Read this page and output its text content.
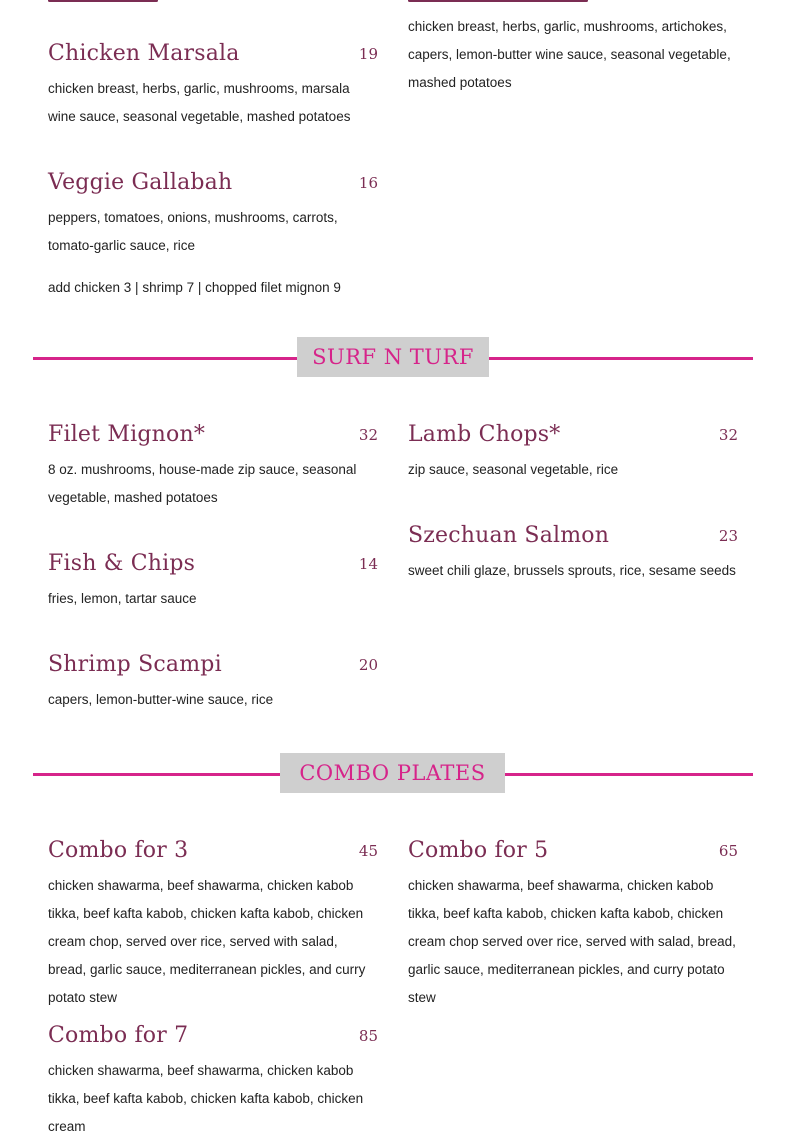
chicken breast, herbs, garlic, mushrooms, artichokes, capers, lemon-butter wine sauce, seasonal vegetable, mashed potatoes
Chicken Marsala	19
chicken breast, herbs, garlic, mushrooms, marsala wine sauce, seasonal vegetable, mashed potatoes
Veggie Gallabah	16
peppers, tomatoes, onions, mushrooms, carrots, tomato-garlic sauce, rice
add chicken 3 | shrimp 7 | chopped filet mignon 9
SURF N TURF
Filet Mignon*	32
8 oz. mushrooms, house-made zip sauce, seasonal vegetable, mashed potatoes
Lamb Chops*	32
zip sauce, seasonal vegetable, rice
Fish & Chips	14
fries, lemon, tartar sauce
Szechuan Salmon	23
sweet chili glaze, brussels sprouts, rice, sesame seeds
Shrimp Scampi	20
capers, lemon-butter-wine sauce, rice
COMBO PLATES
Combo for 3	45
chicken shawarma, beef shawarma, chicken kabob tikka, beef kafta kabob, chicken kafta kabob, chicken cream chop, served over rice, served with salad, bread, garlic sauce, mediterranean pickles, and curry potato stew
Combo for 5	65
chicken shawarma, beef shawarma, chicken kabob tikka, beef kafta kabob, chicken kafta kabob, chicken cream chop served over rice, served with salad, bread, garlic sauce, mediterranean pickles, and curry potato stew
Combo for 7	85
chicken shawarma, beef shawarma, chicken kabob tikka, beef kafta kabob, chicken kafta kabob, chicken cream
